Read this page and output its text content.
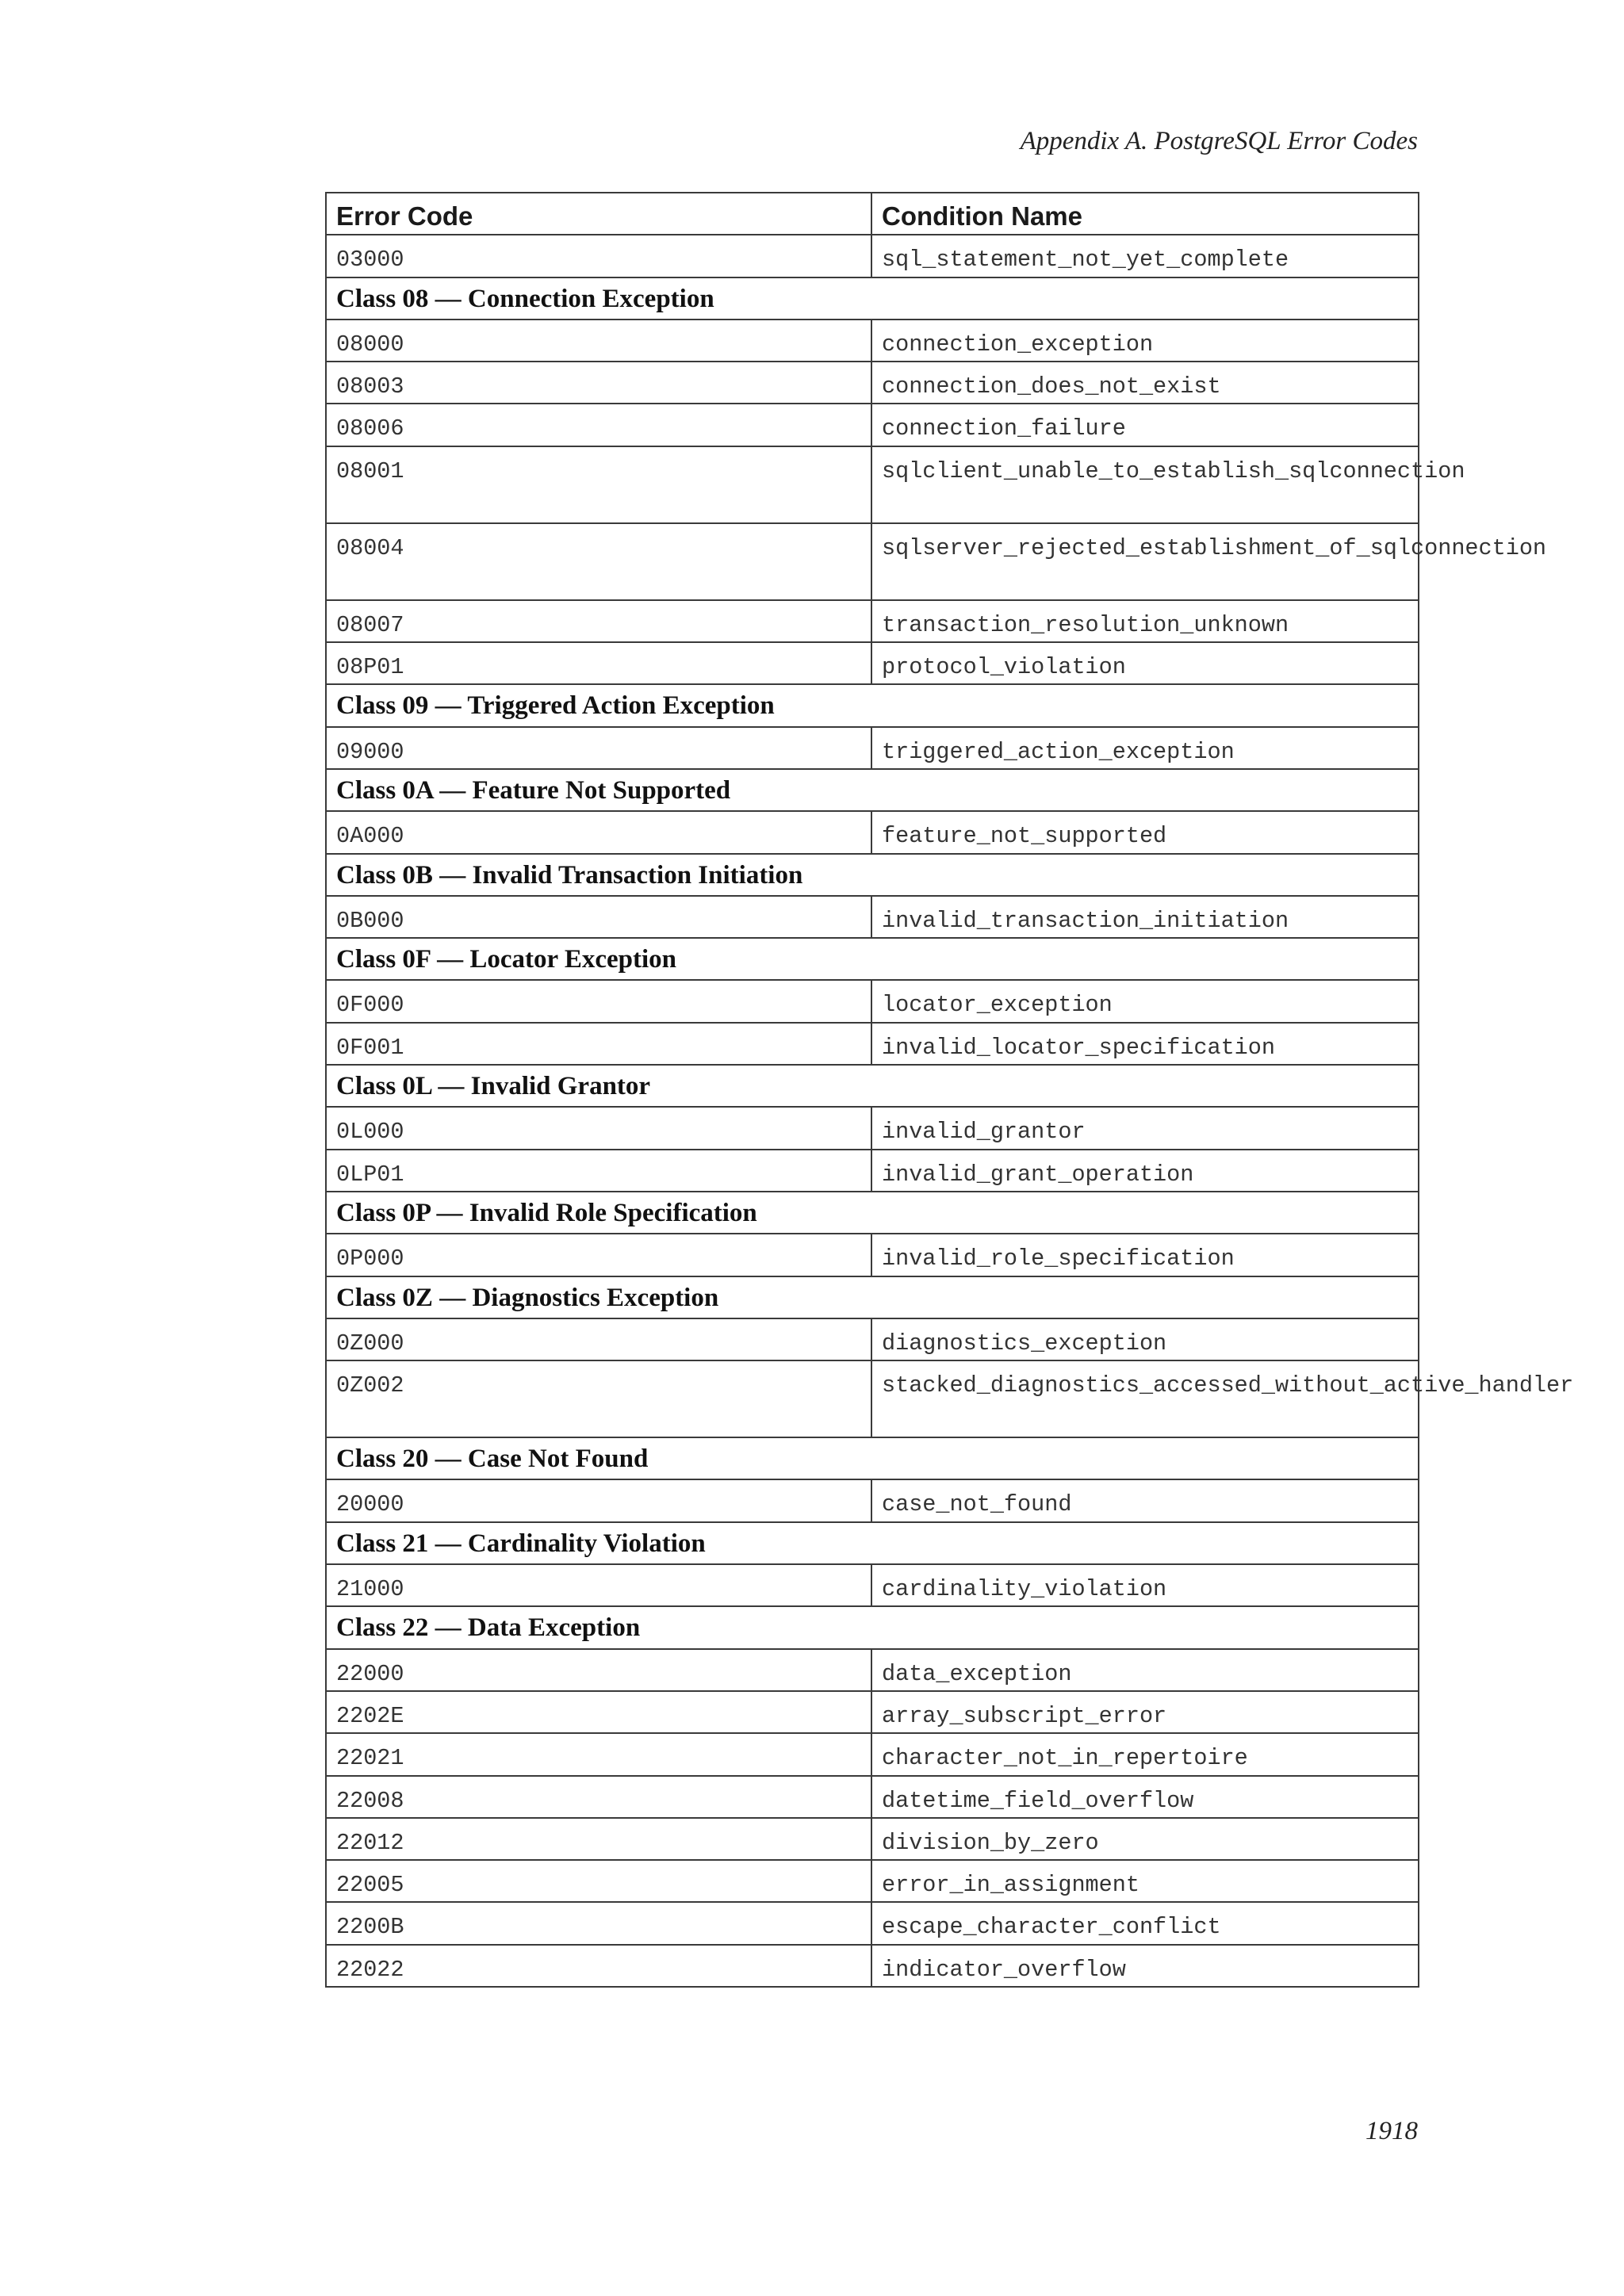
Appendix A. PostgreSQL Error Codes
Error Code	Condition Name
03000	sql_statement_not_yet_complete
Class 08 — Connection Exception	
08000	connection_exception
08003	connection_does_not_exist
08006	connection_failure
08001	sqlclient_unable_to_establish_sqlconnection
08004	sqlserver_rejected_establishment_of_sqlconnection
08007	transaction_resolution_unknown
08P01	protocol_violation
Class 09 — Triggered Action Exception	
09000	triggered_action_exception
Class 0A — Feature Not Supported	
0A000	feature_not_supported
Class 0B — Invalid Transaction Initiation	
0B000	invalid_transaction_initiation
Class 0F — Locator Exception	
0F000	locator_exception
0F001	invalid_locator_specification
Class 0L — Invalid Grantor	
0L000	invalid_grantor
0LP01	invalid_grant_operation
Class 0P — Invalid Role Specification	
0P000	invalid_role_specification
Class 0Z — Diagnostics Exception	
0Z000	diagnostics_exception
0Z002	stacked_diagnostics_accessed_without_active_handler
Class 20 — Case Not Found	
20000	case_not_found
Class 21 — Cardinality Violation	
21000	cardinality_violation
Class 22 — Data Exception	
22000	data_exception
2202E	array_subscript_error
22021	character_not_in_repertoire
22008	datetime_field_overflow
22012	division_by_zero
22005	error_in_assignment
2200B	escape_character_conflict
22022	indicator_overflow
1918
